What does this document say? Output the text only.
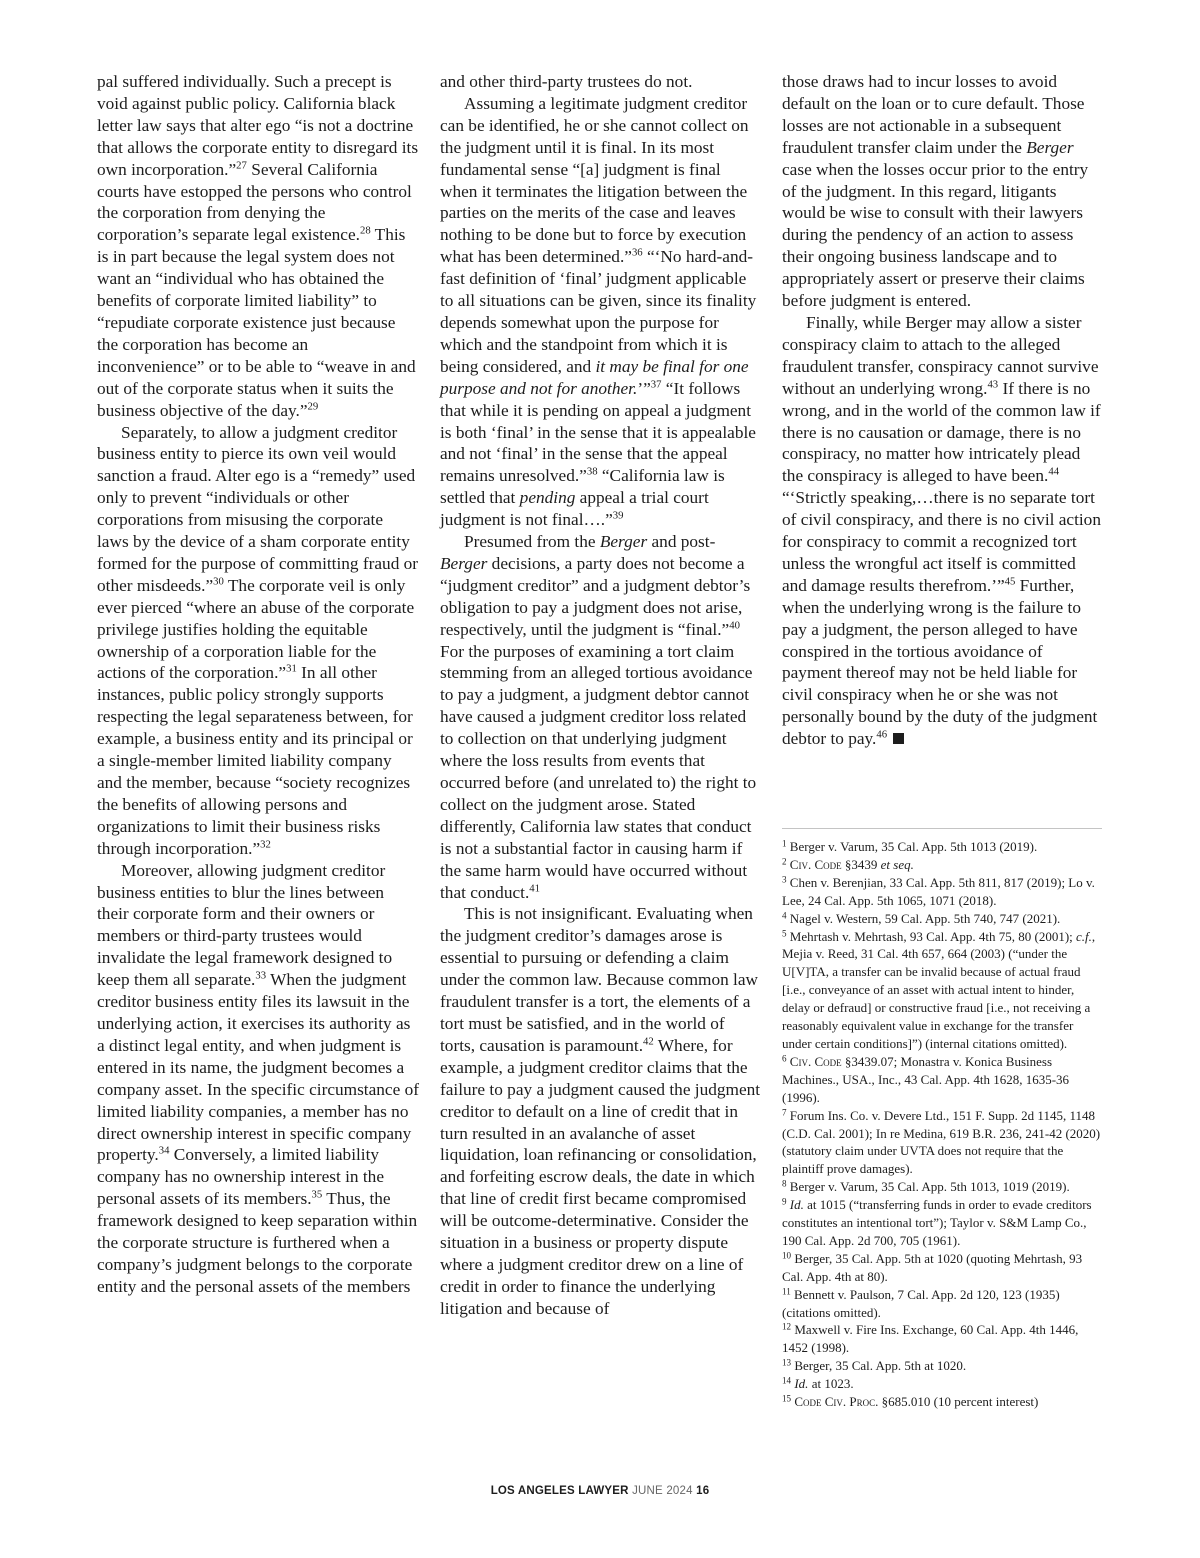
pal suffered individually. Such a precept is void against public policy. California black letter law says that alter ego “is not a doctrine that allows the corporate entity to disregard its own incorporation.”$^{27}$ Several California courts have estopped the persons who control the corporation from denying the corporation’s separate legal existence.$^{28}$ This is in part because the legal system does not want an “individual who has obtained the benefits of corporate limited liability” to “repudiate corporate existence just because the corporation has become an inconvenience” or to be able to “weave in and out of the corporate status when it suits the business objective of the day.”$^{29}$

Separately, to allow a judgment creditor business entity to pierce its own veil would sanction a fraud. Alter ego is a “remedy” used only to prevent “individuals or other corporations from misusing the corporate laws by the device of a sham corporate entity formed for the purpose of committing fraud or other misdeeds.”$^{30}$ The corporate veil is only ever pierced “where an abuse of the corporate privilege justifies holding the equitable ownership of a corporation liable for the actions of the corporation.”$^{31}$ In all other instances, public policy strongly supports respecting the legal separateness between, for example, a business entity and its principal or a single-member limited liability company and the member, because “society recognizes the benefits of allowing persons and organizations to limit their business risks through incorporation.”$^{32}$

Moreover, allowing judgment creditor business entities to blur the lines between their corporate form and their owners or members or third-party trustees would invalidate the legal framework designed to keep them all separate.$^{33}$ When the judgment creditor business entity files its lawsuit in the underlying action, it exercises its authority as a distinct legal entity, and when judgment is entered in its name, the judgment becomes a company asset. In the specific circumstance of limited liability companies, a member has no direct ownership interest in specific company property.$^{34}$ Conversely, a limited liability company has no ownership interest in the personal assets of its members.$^{35}$ Thus, the framework designed to keep separation within the corporate structure is furthered when a company’s judgment belongs to the corporate entity and the personal assets of the members

and other third-party trustees do not.

Assuming a legitimate judgment creditor can be identified, he or she cannot collect on the judgment until it is final. In its most fundamental sense “[a] judgment is final when it terminates the litigation between the parties on the merits of the case and leaves nothing to be done but to force by execution what has been determined.”$^{36}$ “‘No hard-and-fast definition of ‘final’ judgment applicable to all situations can be given, since its finality depends somewhat upon the purpose for which and the standpoint from which it is being considered, and it may be final for one purpose and not for another.’”$^{37}$ “It follows that while it is pending on appeal a judgment is both ‘final’ in the sense that it is appealable and not ‘final’ in the sense that the appeal remains unresolved.”$^{38}$ “California law is settled that pending appeal a trial court judgment is not final….”$^{39}$

Presumed from the Berger and post-Berger decisions, a party does not become a “judgment creditor” and a judgment debtor’s obligation to pay a judgment does not arise, respectively, until the judgment is “final.”$^{40}$ For the purposes of examining a tort claim stemming from an alleged tortious avoidance to pay a judgment, a judgment debtor cannot have caused a judgment creditor loss related to collection on that underlying judgment where the loss results from events that occurred before (and unrelated to) the right to collect on the judgment arose. Stated differently, California law states that conduct is not a substantial factor in causing harm if the same harm would have occurred without that conduct.$^{41}$

This is not insignificant. Evaluating when the judgment creditor’s damages arose is essential to pursuing or defending a claim under the common law. Because common law fraudulent transfer is a tort, the elements of a tort must be satisfied, and in the world of torts, causation is paramount.$^{42}$ Where, for example, a judgment creditor claims that the failure to pay a judgment caused the judgment creditor to default on a line of credit that in turn resulted in an avalanche of asset liquidation, loan refinancing or consolidation, and forfeiting escrow deals, the date in which that line of credit first became compromised will be outcome-determinative. Consider the situation in a business or property dispute where a judgment creditor drew on a line of credit in order to finance the underlying litigation and because of

those draws had to incur losses to avoid default on the loan or to cure default. Those losses are not actionable in a subsequent fraudulent transfer claim under the Berger case when the losses occur prior to the entry of the judgment. In this regard, litigants would be wise to consult with their lawyers during the pendency of an action to assess their ongoing business landscape and to appropriately assert or preserve their claims before judgment is entered.

Finally, while Berger may allow a sister conspiracy claim to attach to the alleged fraudulent transfer, conspiracy cannot survive without an underlying wrong.$^{43}$ If there is no wrong, and in the world of the common law if there is no causation or damage, there is no conspiracy, no matter how intricately plead the conspiracy is alleged to have been.$^{44}$ “‘Strictly speaking,…there is no separate tort of civil conspiracy, and there is no civil action for conspiracy to commit a recognized tort unless the wrongful act itself is committed and damage results therefrom.’”$^{45}$ Further, when the underlying wrong is the failure to pay a judgment, the person alleged to have conspired in the tortious avoidance of payment thereof may not be held liable for civil conspiracy when he or she was not personally bound by the duty of the judgment debtor to pay.$^{46}$

$^1$ Berger v. Varum, 35 Cal. App. 5th 1013 (2019).

$^2$ Civ. Code §3439 et seq.

$^3$ Chen v. Berenjian, 33 Cal. App. 5th 811, 817 (2019); Lo v. Lee, 24 Cal. App. 5th 1065, 1071 (2018).

$^4$ Nagel v. Western, 59 Cal. App. 5th 740, 747 (2021).

$^5$ Mehrtash v. Mehrtash, 93 Cal. App. 4th 75, 80 (2001); c.f., Mejia v. Reed, 31 Cal. 4th 657, 664 (2003) (“under the U[V]TA, a transfer can be invalid because of actual fraud [i.e., conveyance of an asset with actual intent to hinder, delay or defraud] or constructive fraud [i.e., not receiving a reasonably equivalent value in exchange for the transfer under certain conditions]”) (internal citations omitted).

$^6$ Civ. Code §3439.07; Monastra v. Konica Business Machines., USA., Inc., 43 Cal. App. 4th 1628, 1635-36 (1996).

$^7$ Forum Ins. Co. v. Devere Ltd., 151 F. Supp. 2d 1145, 1148 (C.D. Cal. 2001); In re Medina, 619 B.R. 236, 241-42 (2020) (statutory claim under UVTA does not require that the plaintiff prove damages).

$^8$ Berger v. Varum, 35 Cal. App. 5th 1013, 1019 (2019).

$^9$ Id. at 1015 (“transferring funds in order to evade creditors constitutes an intentional tort”); Taylor v. S&M Lamp Co., 190 Cal. App. 2d 700, 705 (1961).

$^{10}$ Berger, 35 Cal. App. 5th at 1020 (quoting Mehrtash, 93 Cal. App. 4th at 80).

$^{11}$ Bennett v. Paulson, 7 Cal. App. 2d 120, 123 (1935) (citations omitted).

$^{12}$ Maxwell v. Fire Ins. Exchange, 60 Cal. App. 4th 1446, 1452 (1998).

$^{13}$ Berger, 35 Cal. App. 5th at 1020.

$^{14}$ Id. at 1023.

$^{15}$ Code Civ. Proc. §685.010 (10 percent interest)

LOS ANGELES LAWYER JUNE 2024 16
